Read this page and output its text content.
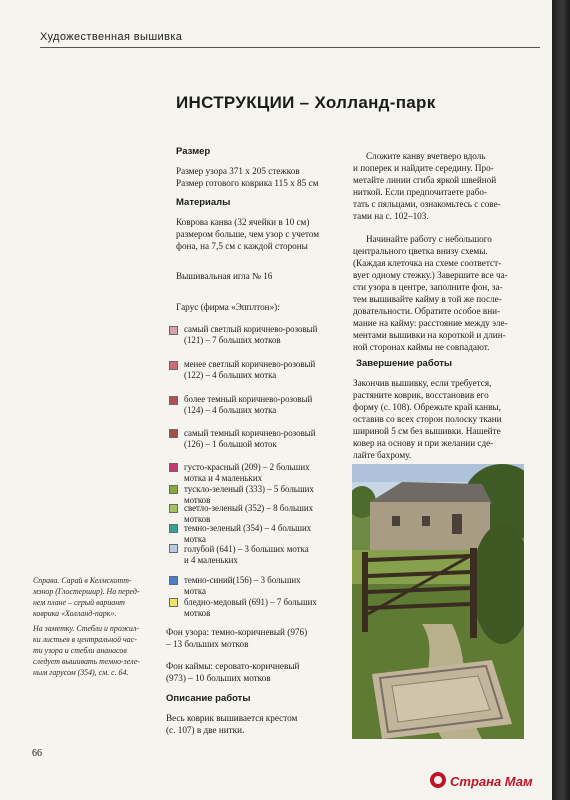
Художественная вышивка
ИНСТРУКЦИИ – Холланд-парк
Размер
Размер узора 371 х 205 стежков
Размер готового коврика 115 х 85 см
Материалы
Коврова канва (32 ячейки в 10 см)
размером больше, чем узор с учетом
фона, на 7,5 см с каждой стороны
Вышивальная игла № 16
Гарус (фирма «Эпплтон»):
самый светлый коричнево-розовый
(121) – 7 больших мотков
менее светлый коричнево-розовый
(122) – 4 больших мотка
более темный коричнево-розовый
(124) – 4 больших мотка
самый темный коричнево-розовый
(126) – 1 большой моток
густо-красный (209) – 2 больших
мотка и 4 маленьких
тускло-зеленый (333) – 5 больших
мотков
светло-зеленый (352) – 8 больших
мотков
темно-зеленый (354) – 4 больших
мотка
голубой (641) – 3 больших мотка
и 4 маленьких
темно-синий(156) – 3 больших
мотка
бледно-медовый (691) – 7 больших
мотков
Фон узора: темно-коричневый (976)
– 13 больших мотков
Фон каймы: серовато-коричневый
(973) – 10 больших мотков
Описание работы
Весь коврик вышивается крестом
(с. 107) в две нитки.
Сложите канву вчетверо вдоль
и поперек и найдите середину. Про-
метайте линии сгиба яркой швейной
ниткой. Если предпочитаете рабо-
тать с пяльцами, ознакомьтесь с сове-
тами на с. 102–103.
Начинайте работу с небольшого
центрального цветка внизу схемы.
(Каждая клеточка на схеме соответст-
вует одному стежку.) Завершите все ча-
сти узора в центре, заполните фон, за-
тем вышивайте кайму в той же после-
довательности. Обратите особое вни-
мание на кайму: расстояние между эле-
ментами вышивки на короткой и длин-
ной сторонах каймы не совпадают.
Завершение работы
Закончив вышивку, если требуется,
растяните коврик, восстановив его
форму (с. 108). Обрежьте край канвы,
оставив со всех сторон полоску ткани
шириной 5 см без вышивки. Нашейте
ковер на основу и при желании сде-
лайте бахрому.
Справа. Сарай в Келмскотт-
мэнор (Глостершир). На перед-
нем плане – серый вариант
коврика «Холланд-парк».
На заметку. Стебли и прожил-
ки листьев в центральной час-
ти узора и стебли ананасов
следует вышивать темно-зеле-
ным гарусом (354), см. с. 64.
66
Страна Мам
